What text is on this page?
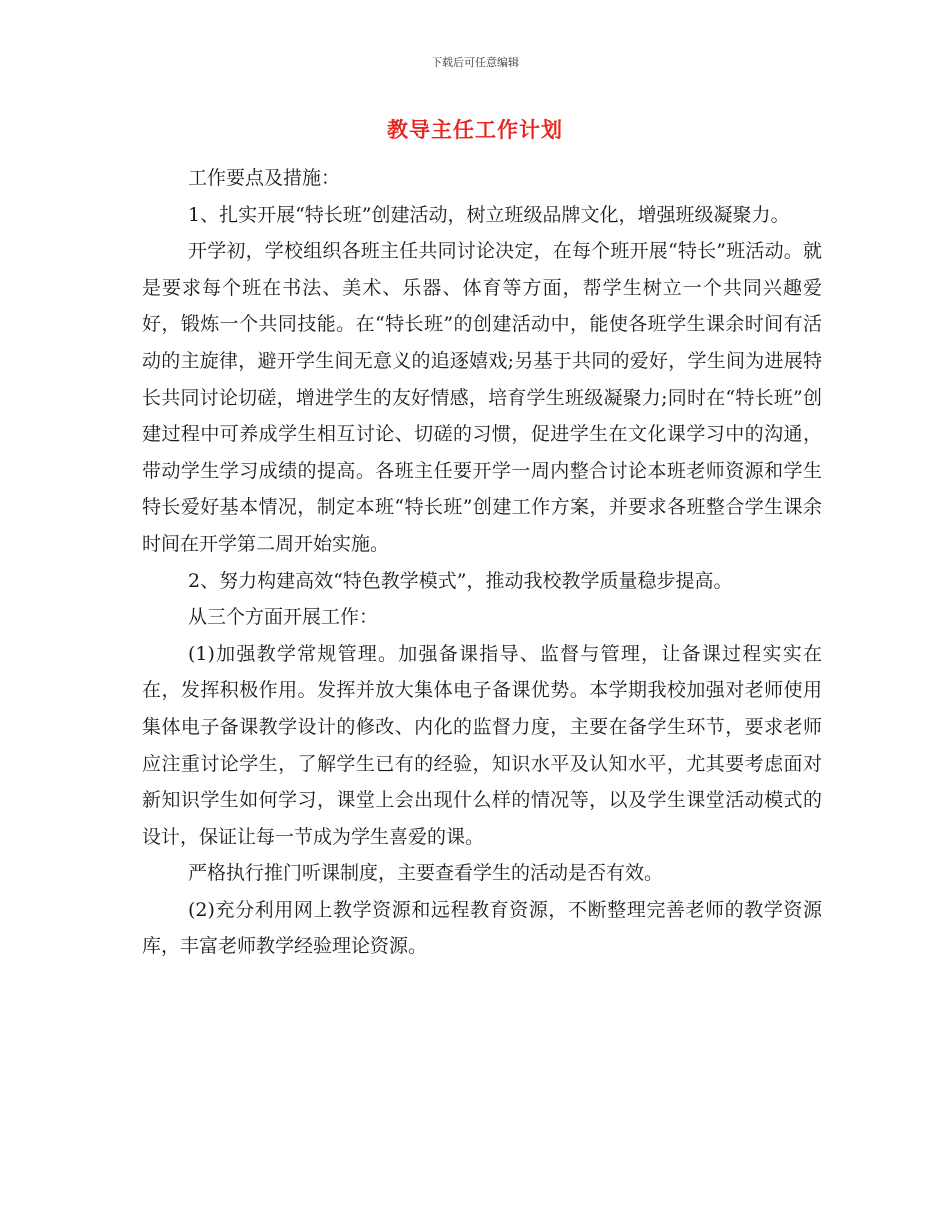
下载后可任意编辑
教导主任工作计划

工作要点及措施：

1、扎实开展“特长班”创建活动，树立班级品牌文化，增强班级凝聚力。

开学初，学校组织各班主任共同讨论决定，在每个班开展“特长”班活动。就是要求每个班在书法、美术、乐器、体育等方面，帮学生树立一个共同兴趣爱好，锻炼一个共同技能。在“特长班”的创建活动中，能使各班学生课余时间有活动的主旋律，避开学生间无意义的追逐嬉戏;另基于共同的爱好，学生间为进展特长共同讨论切磋，增进学生的友好情感，培育学生班级凝聚力;同时在“特长班”创建过程中可养成学生相互讨论、切磋的习惯，促进学生在文化课学习中的沟通，带动学生学习成绩的提高。各班主任要开学一周内整合讨论本班老师资源和学生特长爱好基本情况，制定本班“特长班”创建工作方案，并要求各班整合学生课余时间在开学第二周开始实施。

2、努力构建高效“特色教学模式”，推动我校教学质量稳步提高。

从三个方面开展工作：

(1)加强教学常规管理。加强备课指导、监督与管理，让备课过程实实在在，发挥积极作用。发挥并放大集体电子备课优势。本学期我校加强对老师使用集体电子备课教学设计的修改、内化的监督力度，主要在备学生环节，要求老师应注重讨论学生，了解学生已有的经验，知识水平及认知水平，尤其要考虑面对新知识学生如何学习，课堂上会出现什么样的情况等，以及学生课堂活动模式的设计，保证让每一节成为学生喜爱的课。

严格执行推门听课制度，主要查看学生的活动是否有效。

(2)充分利用网上教学资源和远程教育资源，不断整理完善老师的教学资源库，丰富老师教学经验理论资源。
